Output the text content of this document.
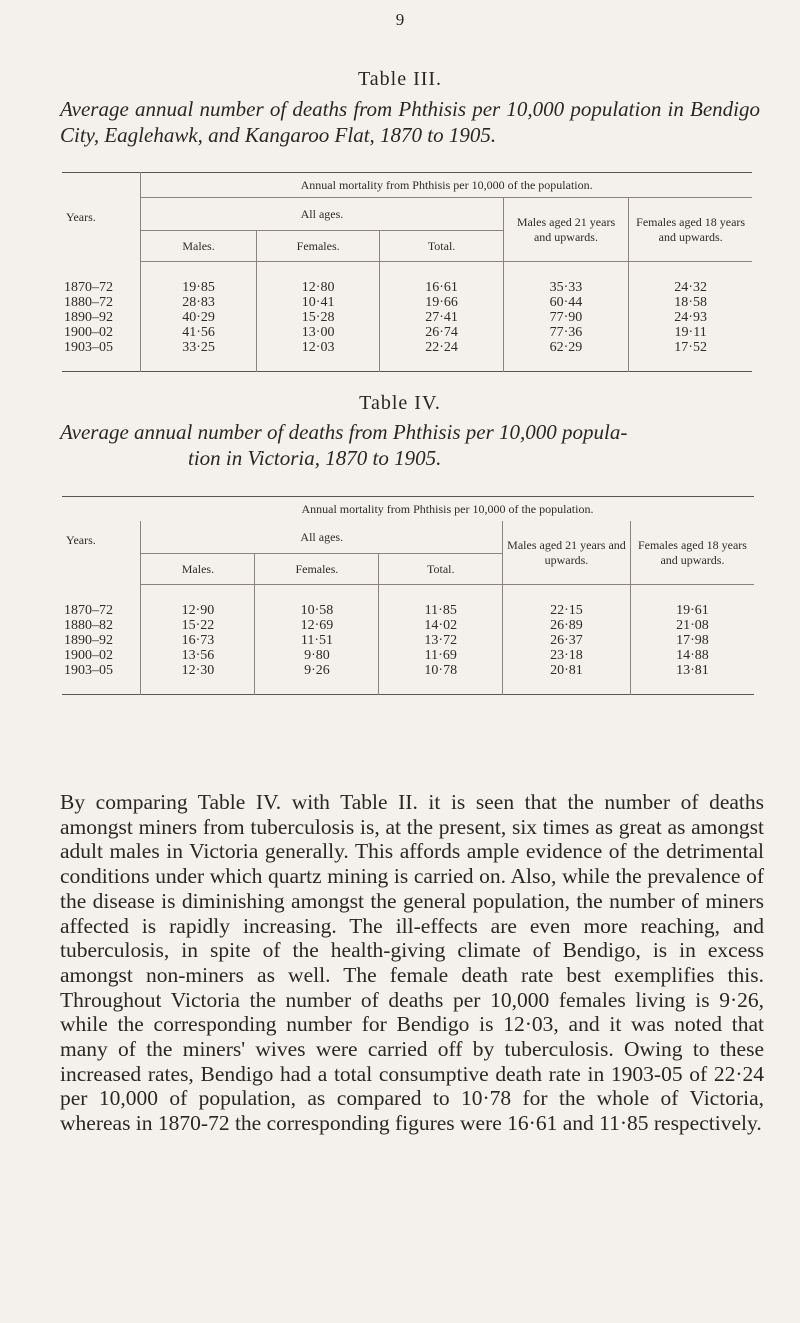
9
Table III.
Average annual number of deaths from Phthisis per 10,000 population in Bendigo City, Eaglehawk, and Kangaroo Flat, 1870 to 1905.
Years.	Annual mortality from Phthisis per 10,000 of the population.				
	All ages.			Males aged 21 years and upwards.	Females aged 18 years and upwards.
	Males.	Females.	Total.		
1870–72	19·85	12·80	16·61	35·33	24·32
1880–72	28·83	10·41	19·66	60·44	18·58
1890–92	40·29	15·28	27·41	77·90	24·93
1900–02	41·56	13·00	26·74	77·36	19·11
1903–05	33·25	12·03	22·24	62·29	17·52

Table IV.
Average annual number of deaths from Phthisis per 10,000 popula-
tion in Victoria, 1870 to 1905.
Years.	Annual mortality from Phthisis per 10,000 of the population.				
	All ages.			Males aged 21 years and upwards.	Females aged 18 years and upwards.
	Males.	Females.	Total.		
1870–72	12·90	10·58	11·85	22·15	19·61
1880–82	15·22	12·69	14·02	26·89	21·08
1890–92	16·73	11·51	13·72	26·37	17·98
1900–02	13·56	9·80	11·69	23·18	14·88
1903–05	12·30	9·26	10·78	20·81	13·81

By comparing Table IV. with Table II. it is seen that the number of deaths amongst miners from tuberculosis is, at the present, six times as great as amongst adult males in Victoria generally. This affords ample evidence of the detrimental conditions under which quartz mining is carried on. Also, while the prevalence of the disease is diminishing amongst the general population, the number of miners affected is rapidly increasing. The ill-effects are even more reaching, and tuberculosis, in spite of the health-giving climate of Bendigo, is in excess amongst non-miners as well. The female death rate best exemplifies this. Throughout Victoria the number of deaths per 10,000 females living is 9·26, while the corresponding number for Bendigo is 12·03, and it was noted that many of the miners' wives were carried off by tuberculosis. Owing to these increased rates, Bendigo had a total consumptive death rate in 1903-05 of 22·24 per 10,000 of population, as compared to 10·78 for the whole of Victoria, whereas in 1870-72 the corresponding figures were 16·61 and 11·85 respectively.
